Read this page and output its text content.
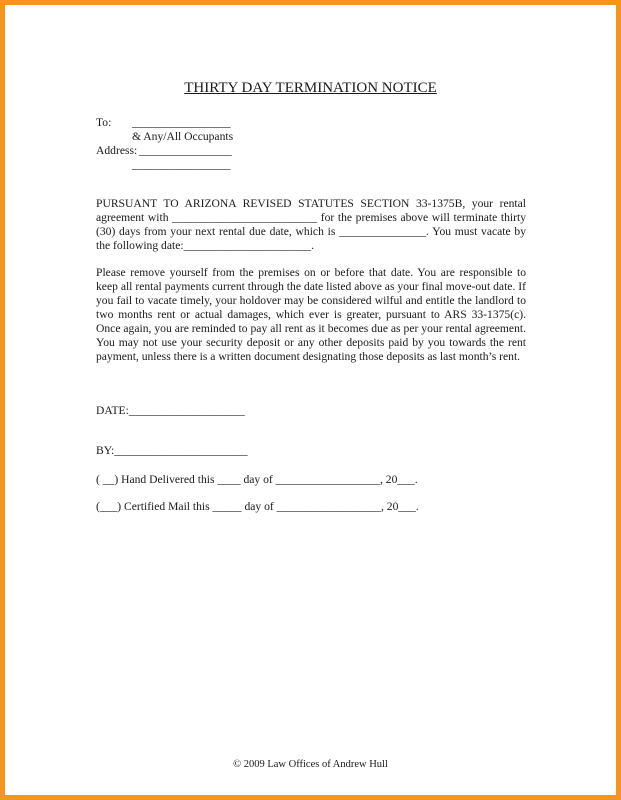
THIRTY DAY TERMINATION NOTICE
To: _________________
& Any/All Occupants
Address: ________________
_________________

PURSUANT TO ARIZONA REVISED STATUTES SECTION 33-1375B, your rental agreement with _________________________ for the premises above will terminate thirty (30) days from your next rental due date, which is _______________. You must vacate by the following date:______________________.

Please remove yourself from the premises on or before that date. You are responsible to keep all rental payments current through the date listed above as your final move-out date. If you fail to vacate timely, your holdover may be considered wilful and entitle the landlord to two months rent or actual damages, which ever is greater, pursuant to ARS 33-1375(c). Once again, you are reminded to pay all rent as it becomes due as per your rental agreement. You may not use your security deposit or any other deposits paid by you towards the rent payment, unless there is a written document designating those deposits as last month’s rent.

DATE:____________________
BY:_______________________
( __) Hand Delivered this ____ day of __________________, 20___.
(___) Certified Mail this _____ day of __________________, 20___.
© 2009 Law Offices of Andrew Hull
